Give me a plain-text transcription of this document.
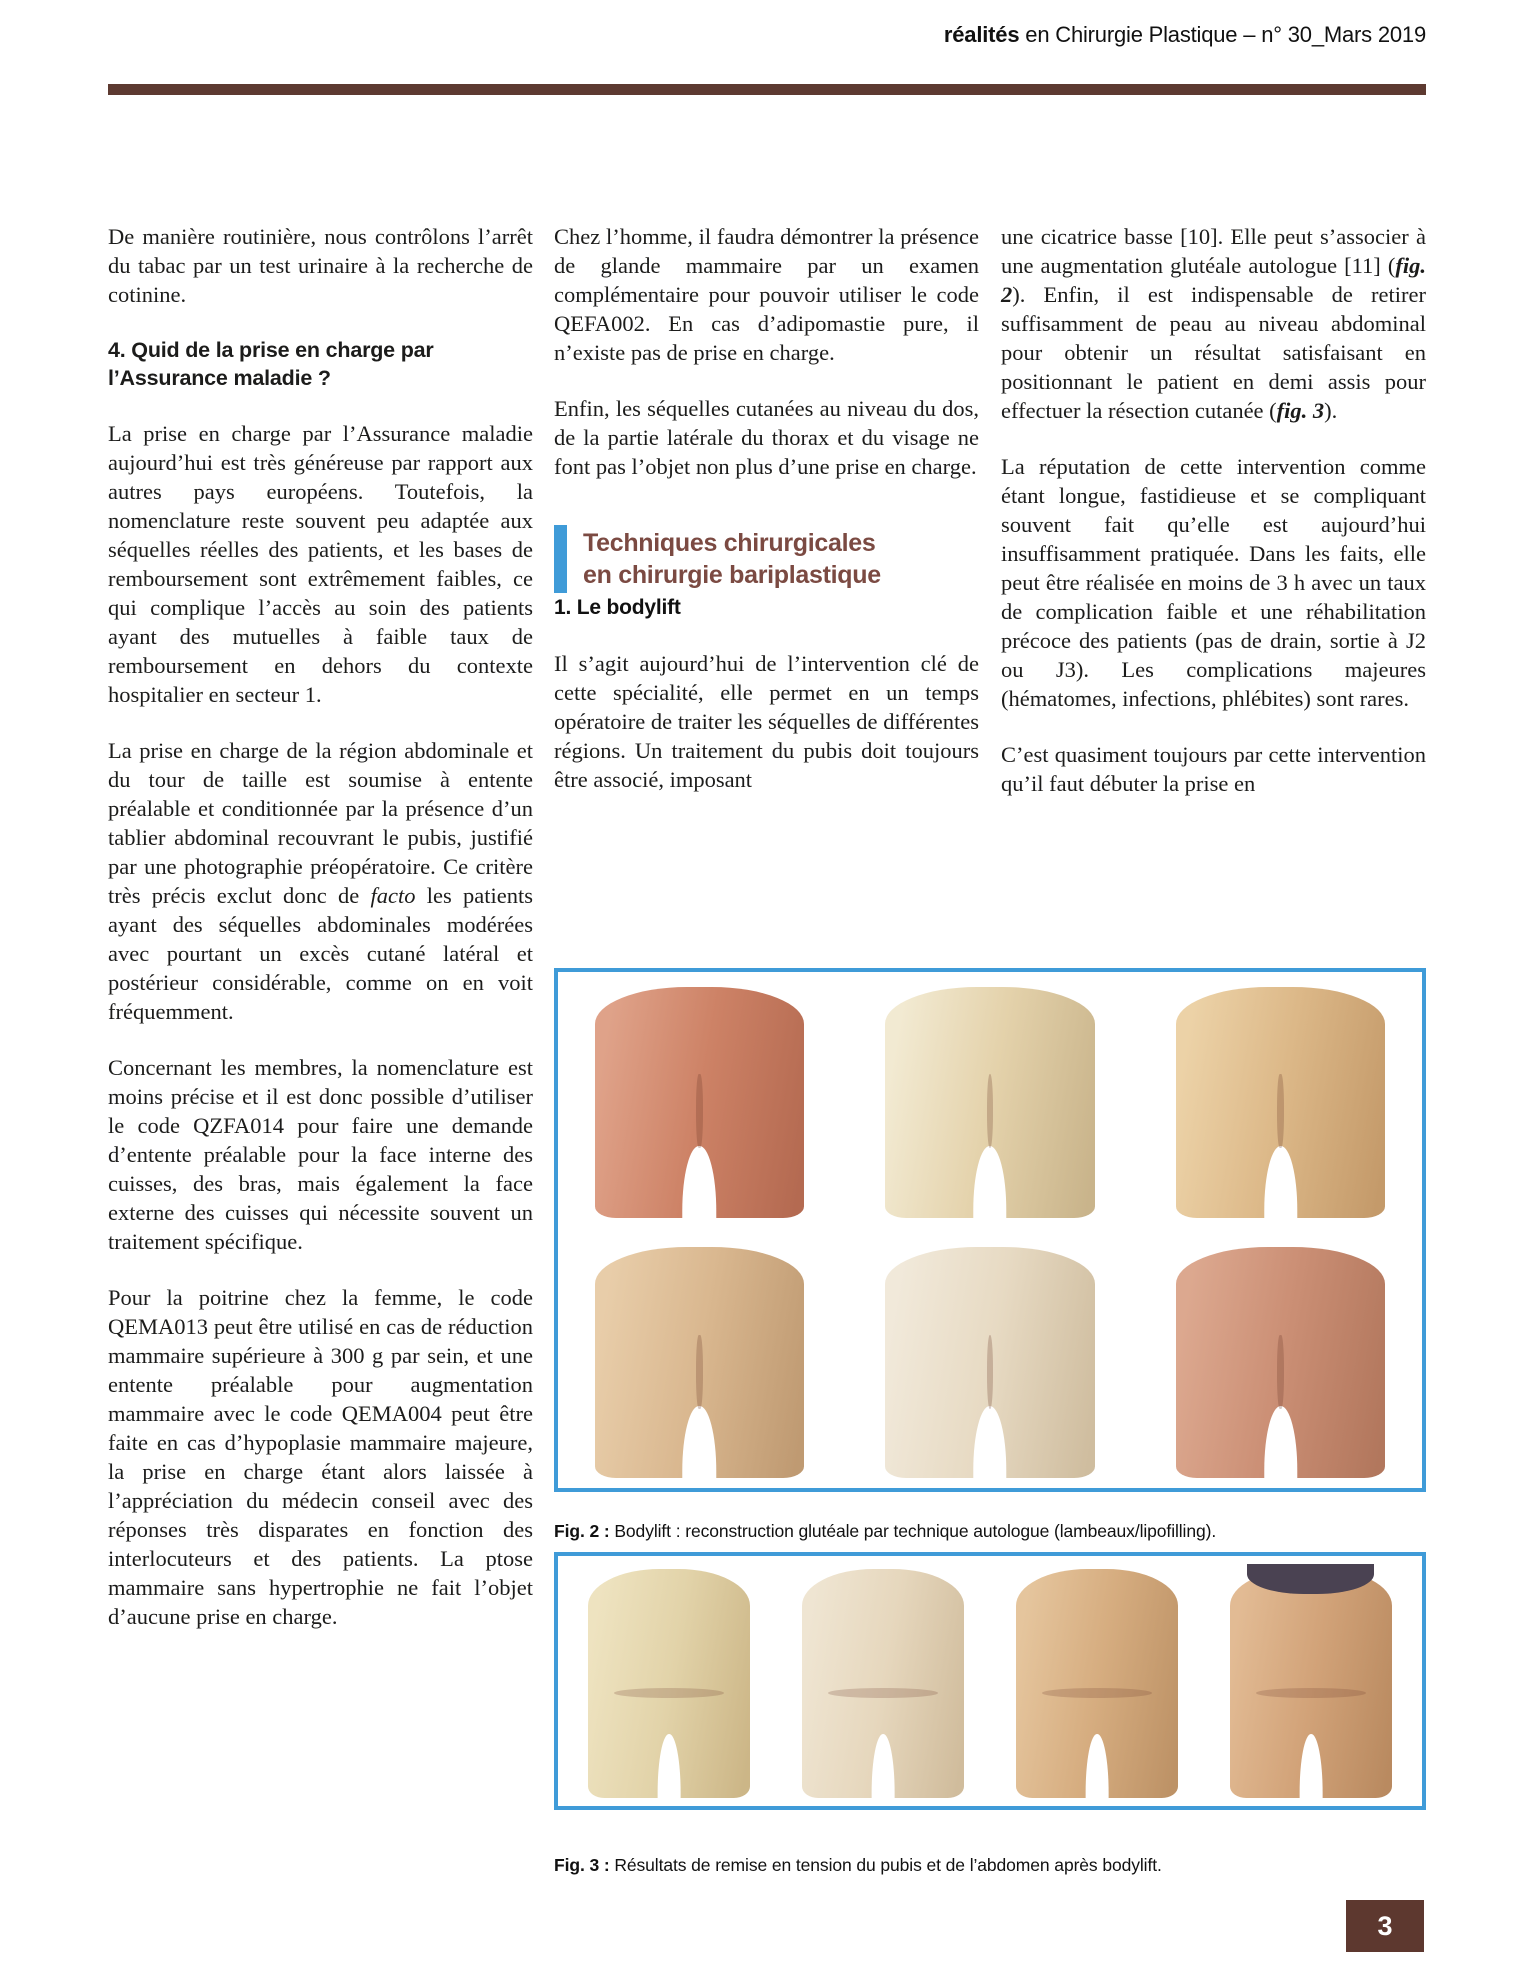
réalités en Chirurgie Plastique – n° 30_Mars 2019

De manière routinière, nous contrôlons l’arrêt du tabac par un test urinaire à la recherche de cotinine.

4. Quid de la prise en charge par l’Assurance maladie ?

La prise en charge par l’Assurance maladie aujourd’hui est très généreuse par rapport aux autres pays européens. Toutefois, la nomenclature reste souvent peu adaptée aux séquelles réelles des patients, et les bases de remboursement sont extrêmement faibles, ce qui complique l’accès au soin des patients ayant des mutuelles à faible taux de remboursement en dehors du contexte hospitalier en secteur 1.

La prise en charge de la région abdominale et du tour de taille est soumise à entente préalable et conditionnée par la présence d’un tablier abdominal recouvrant le pubis, justifié par une photographie préopératoire. Ce critère très précis exclut donc de facto les patients ayant des séquelles abdominales modérées avec pourtant un excès cutané latéral et postérieur considérable, comme on en voit fréquemment.

Concernant les membres, la nomenclature est moins précise et il est donc possible d’utiliser le code QZFA014 pour faire une demande d’entente préalable pour la face interne des cuisses, des bras, mais également la face externe des cuisses qui nécessite souvent un traitement spécifique.

Pour la poitrine chez la femme, le code QEMA013 peut être utilisé en cas de réduction mammaire supérieure à 300 g par sein, et une entente préalable pour augmentation mammaire avec le code QEMA004 peut être faite en cas d’hypoplasie mammaire majeure, la prise en charge étant alors laissée à l’appréciation du médecin conseil avec des réponses très disparates en fonction des interlocuteurs et des patients. La ptose mammaire sans hypertrophie ne fait l’objet d’aucune prise en charge.

Chez l’homme, il faudra démontrer la présence de glande mammaire par un examen complémentaire pour pouvoir utiliser le code QEFA002. En cas d’adipomastie pure, il n’existe pas de prise en charge.

Enfin, les séquelles cutanées au niveau du dos, de la partie latérale du thorax et du visage ne font pas l’objet non plus d’une prise en charge.

Techniques chirurgicales
en chirurgie bariplastique

1. Le bodylift

Il s’agit aujourd’hui de l’intervention clé de cette spécialité, elle permet en un temps opératoire de traiter les séquelles de différentes régions. Un traitement du pubis doit toujours être associé, imposant

une cicatrice basse [10]. Elle peut s’associer à une augmentation glutéale autologue [11] (fig. 2). Enfin, il est indispensable de retirer suffisamment de peau au niveau abdominal pour obtenir un résultat satisfaisant en positionnant le patient en demi assis pour effectuer la résection cutanée (fig. 3).

La réputation de cette intervention comme étant longue, fastidieuse et se compliquant souvent fait qu’elle est aujourd’hui insuffisamment pratiquée. Dans les faits, elle peut être réalisée en moins de 3 h avec un taux de complication faible et une réhabilitation précoce des patients (pas de drain, sortie à J2 ou J3). Les complications majeures (hématomes, infections, phlébites) sont rares.

C’est quasiment toujours par cette intervention qu’il faut débuter la prise en

Fig. 2 : Bodylift : reconstruction glutéale par technique autologue (lambeaux/lipofilling).

Fig. 3 : Résultats de remise en tension du pubis et de l’abdomen après bodylift.

3
